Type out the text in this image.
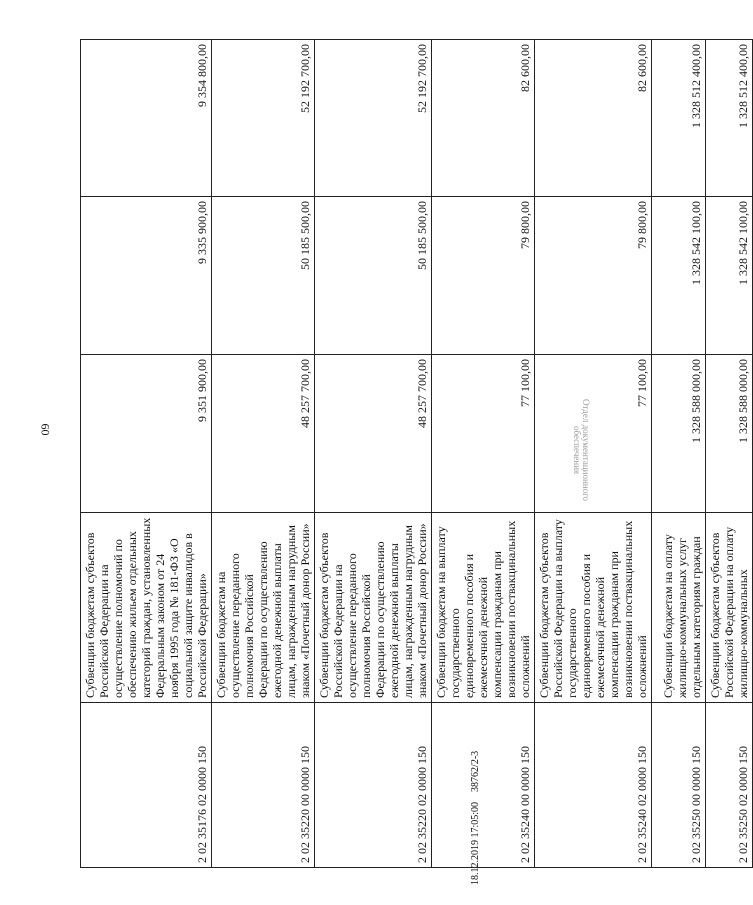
60	Отдел документационного
обеспечения
18.12.2019 17:05:00
38762/2-3
2 02 35176 02 0000 150	Субвенции бюджетам субъектов Российской Федерации на осуществление полномочий по обеспечению жильем отдельных категорий граждан, установленных Федеральным законом от 24 ноября 1995 года № 181-ФЗ «О социальной защите инвалидов в Российской Федерации»	9 351 900,00	9 335 900,00	9 354 800,00
2 02 35220 00 0000 150	Субвенции бюджетам на осуществление переданного полномочия Российской Федерации по осуществлению ежегодной денежной выплаты лицам, награжденным нагрудным знаком «Почетный донор России»	48 257 700,00	50 185 500,00	52 192 700,00
2 02 35220 02 0000 150	Субвенции бюджетам субъектов Российской Федерации на осуществление переданного полномочия Российской Федерации по осуществлению ежегодной денежной выплаты лицам, награжденным нагрудным знаком «Почетный донор России»	48 257 700,00	50 185 500,00	52 192 700,00
2 02 35240 00 0000 150	Субвенции бюджетам на выплату государственного единовременного пособия и ежемесячной денежной компенсации гражданам при возникновении поствакцинальных осложнений	77 100,00	79 800,00	82 600,00
2 02 35240 02 0000 150	Субвенции бюджетам субъектов Российской Федерации на выплату государственного единовременного пособия и ежемесячной денежной компенсации гражданам при возникновении поствакцинальных осложнений	77 100,00	79 800,00	82 600,00
2 02 35250 00 0000 150	Субвенции бюджетам на оплату жилищно-коммунальных услуг отдельным категориям граждан	1 328 588 000,00	1 328 542 100,00	1 328 512 400,00
2 02 35250 02 0000 150	Субвенции бюджетам субъектов Российской Федерации на оплату жилищно-коммунальных	1 328 588 000,00	1 328 542 100,00	1 328 512 400,00
